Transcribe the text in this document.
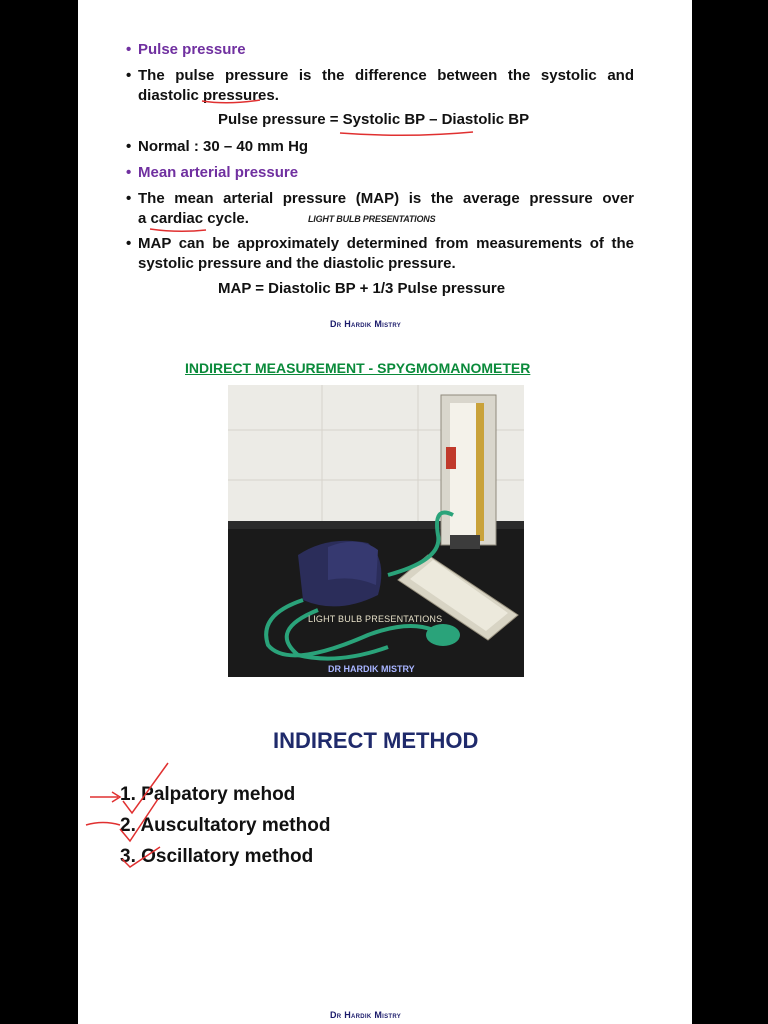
• Pulse pressure
• The pulse pressure is the difference between the systolic and
diastolic pressures.
Pulse pressure = Systolic BP – Diastolic BP
• Normal : 30 – 40 mm Hg
• Mean arterial pressure
• The mean arterial pressure (MAP) is the average pressure over
a cardiac cycle.	LIGHT BULB PRESENTATIONS
• MAP can be approximately determined from measurements of the
systolic pressure and the diastolic pressure.
MAP = Diastolic BP + 1/3 Pulse pressure
Dr Hardik Mistry
INDIRECT MEASUREMENT - SPYGMOMANOMETER
LIGHT BULB PRESENTATIONS
DR HARDIK MISTRY
INDIRECT METHOD
1. Palpatory mehod
2. Auscultatory method
3. Oscillatory method
Dr Hardik Mistry
